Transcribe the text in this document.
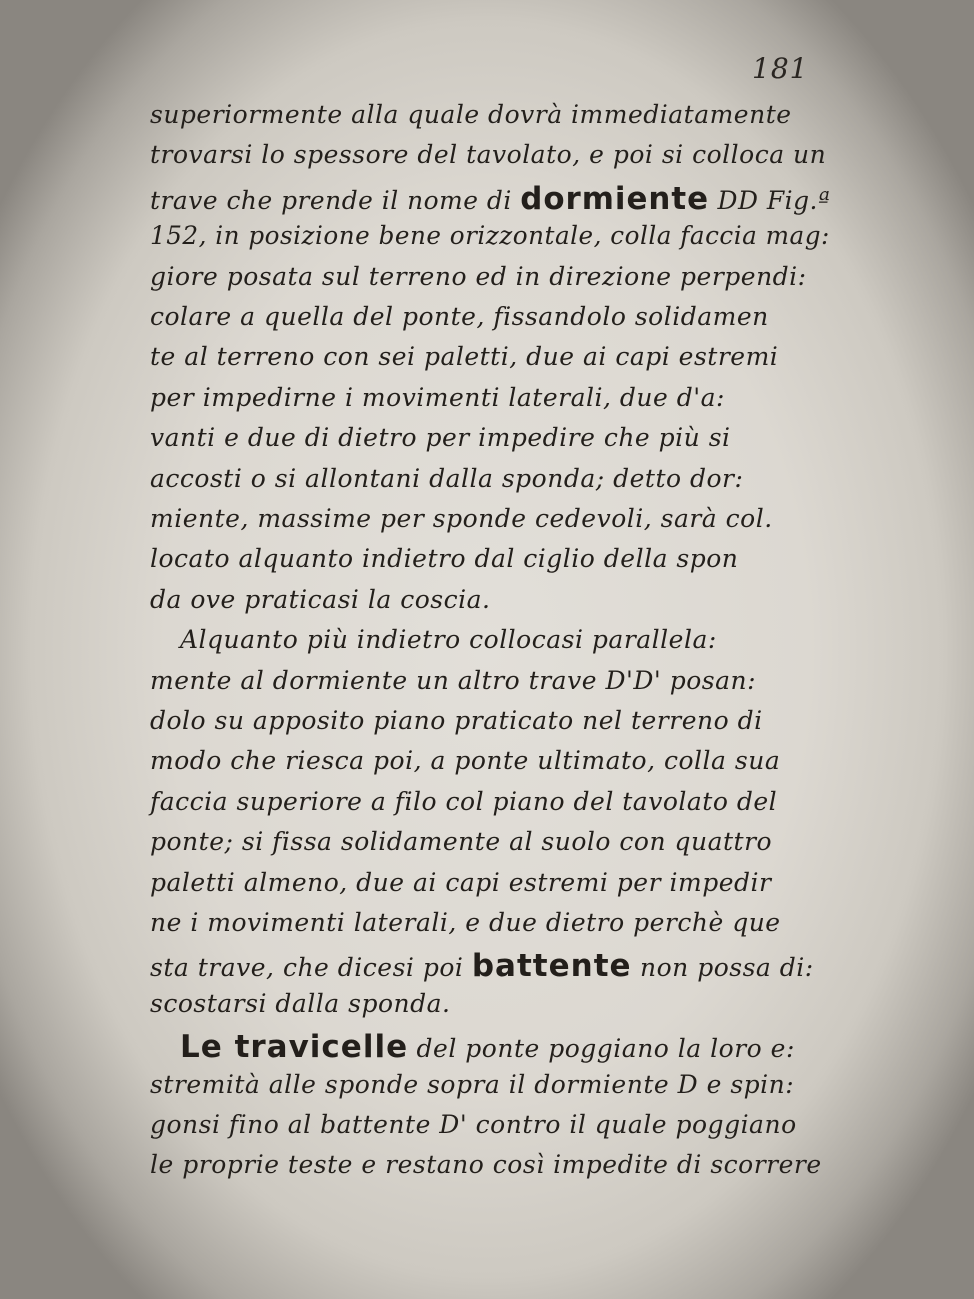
181
superiormente alla quale dovrà immediatamente
trovarsi lo spessore del tavolato, e poi si colloca un
trave che prende il nome di dormiente DD Fig.ª
152, in posizione bene orizzontale, colla faccia mag:
giore posata sul terreno ed in direzione perpendi:
colare a quella del ponte, fissandolo solidamen
te al terreno con sei paletti, due ai capi estremi
per impedirne i movimenti laterali, due d'a:
vanti e due di dietro per impedire che più si
accosti o si allontani dalla sponda; detto dor:
miente, massime per sponde cedevoli, sarà col.
locato alquanto indietro dal ciglio della spon
da ove praticasi la coscia.
Alquanto più indietro collocasi parallela:
mente al dormiente un altro trave D'D' posan:
dolo su apposito piano praticato nel terreno di
modo che riesca poi, a ponte ultimato, colla sua
faccia superiore a filo col piano del tavolato del
ponte; si fissa solidamente al suolo con quattro
paletti almeno, due ai capi estremi per impedir
ne i movimenti laterali, e due dietro perchè que
sta trave, che dicesi poi battente non possa di:
scostarsi dalla sponda.
Le travicelle del ponte poggiano la loro e:
stremità alle sponde sopra il dormiente D e spin:
gonsi fino al battente D' contro il quale poggiano
le proprie teste e restano così impedite di scorrere
